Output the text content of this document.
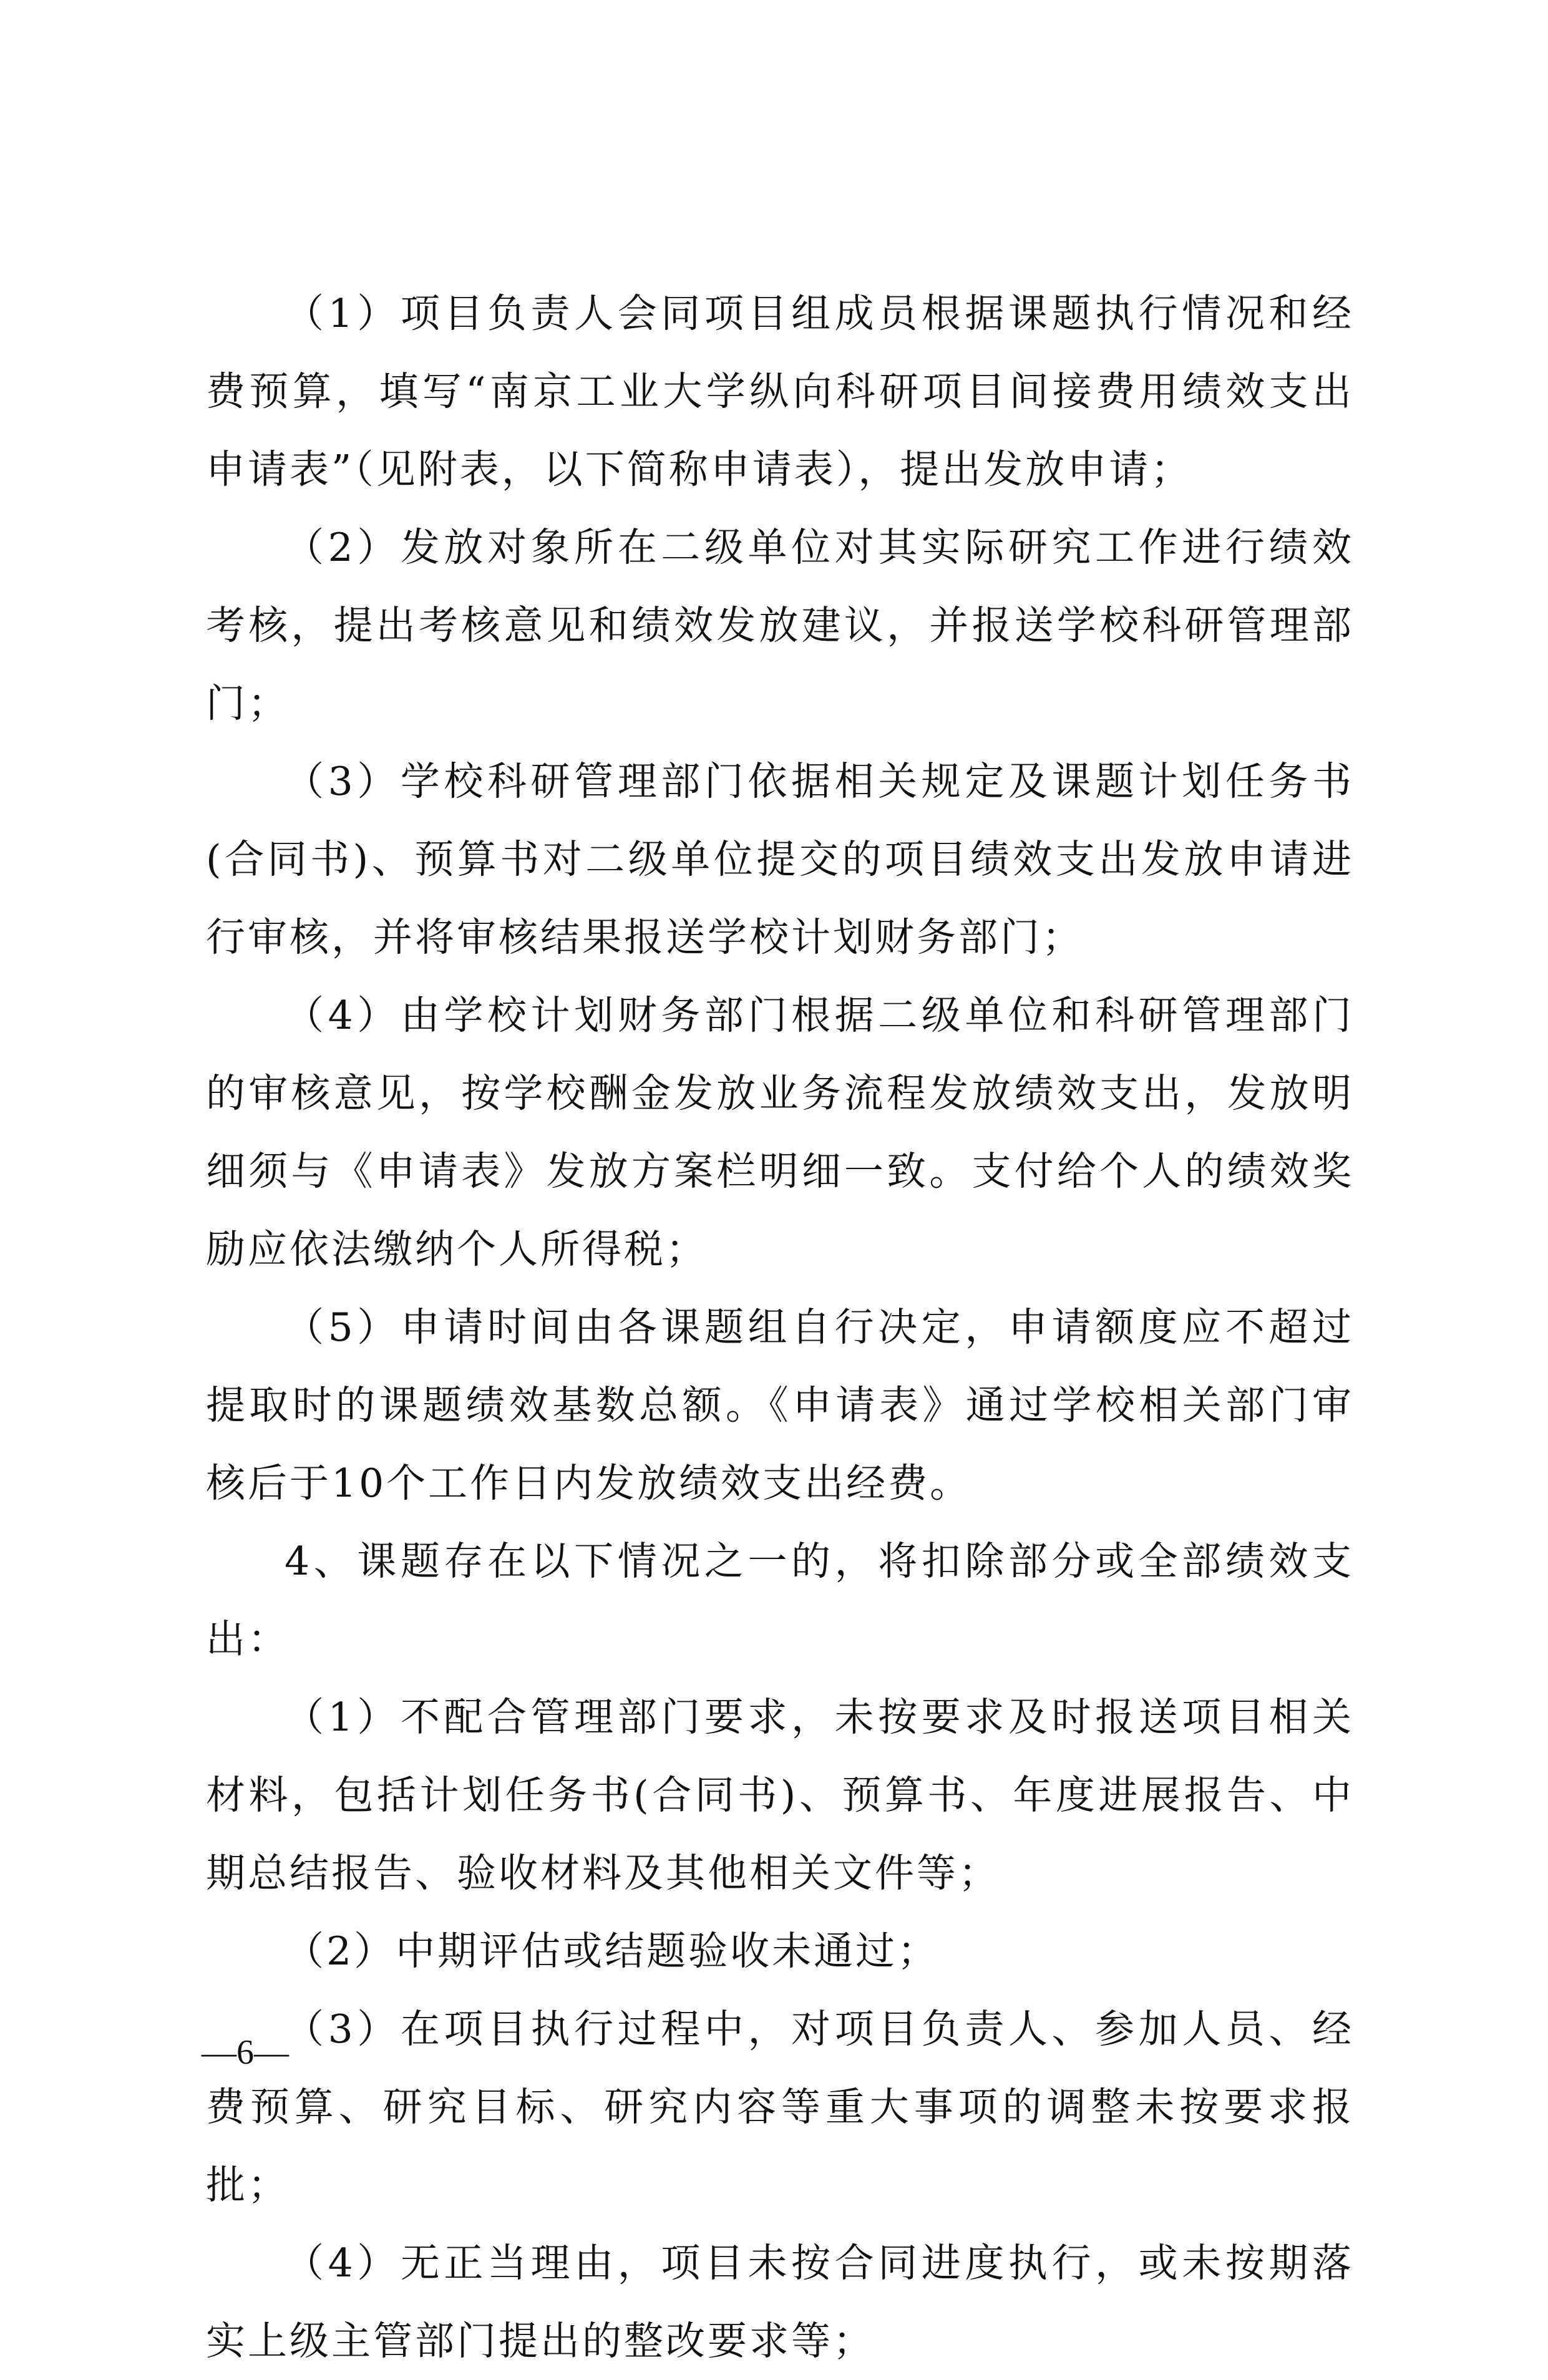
（1）项目负责人会同项目组成员根据课题执行情况和经费预算，填写“南京工业大学纵向科研项目间接费用绩效支出申请表”（见附表，以下简称申请表），提出发放申请；

（2）发放对象所在二级单位对其实际研究工作进行绩效考核，提出考核意见和绩效发放建议，并报送学校科研管理部门；

（3）学校科研管理部门依据相关规定及课题计划任务书(合同书)、预算书对二级单位提交的项目绩效支出发放申请进行审核，并将审核结果报送学校计划财务部门；

（4）由学校计划财务部门根据二级单位和科研管理部门的审核意见，按学校酬金发放业务流程发放绩效支出，发放明细须与《申请表》发放方案栏明细一致。支付给个人的绩效奖励应依法缴纳个人所得税；

（5）申请时间由各课题组自行决定，申请额度应不超过提取时的课题绩效基数总额。《申请表》通过学校相关部门审核后于10个工作日内发放绩效支出经费。

4、课题存在以下情况之一的，将扣除部分或全部绩效支出：

（1）不配合管理部门要求，未按要求及时报送项目相关材料，包括计划任务书(合同书)、预算书、年度进展报告、中期总结报告、验收材料及其他相关文件等；

（2）中期评估或结题验收未通过；

（3）在项目执行过程中，对项目负责人、参加人员、经费预算、研究目标、研究内容等重大事项的调整未按要求报批；

（4）无正当理由，项目未按合同进度执行，或未按期落实上级主管部门提出的整改要求等；

—6—
